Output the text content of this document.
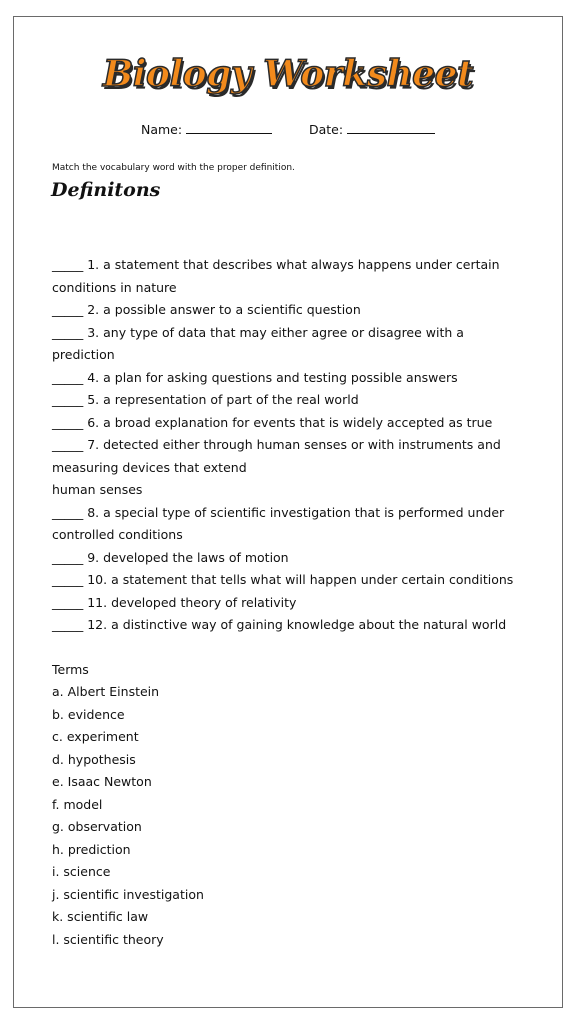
Biology Worksheet
Name:	Date:
Match the vocabulary word with the proper definition.
Definitons
_____ 1. a statement that describes what always happens under certain conditions in nature
_____ 2. a possible answer to a scientific question
_____ 3. any type of data that may either agree or disagree with a prediction
_____ 4. a plan for asking questions and testing possible answers
_____ 5. a representation of part of the real world
_____ 6. a broad explanation for events that is widely accepted as true
_____ 7. detected either through human senses or with instruments and measuring devices that extend
human senses
_____ 8. a special type of scientific investigation that is performed under controlled conditions
_____ 9. developed the laws of motion
_____ 10. a statement that tells what will happen under certain conditions
_____ 11. developed theory of relativity
_____ 12. a distinctive way of gaining knowledge about the natural world
Terms
a. Albert Einstein
b. evidence
c. experiment
d. hypothesis
e. Isaac Newton
f. model
g. observation
h. prediction
i. science
j. scientific investigation
k. scientific law
l. scientific theory
